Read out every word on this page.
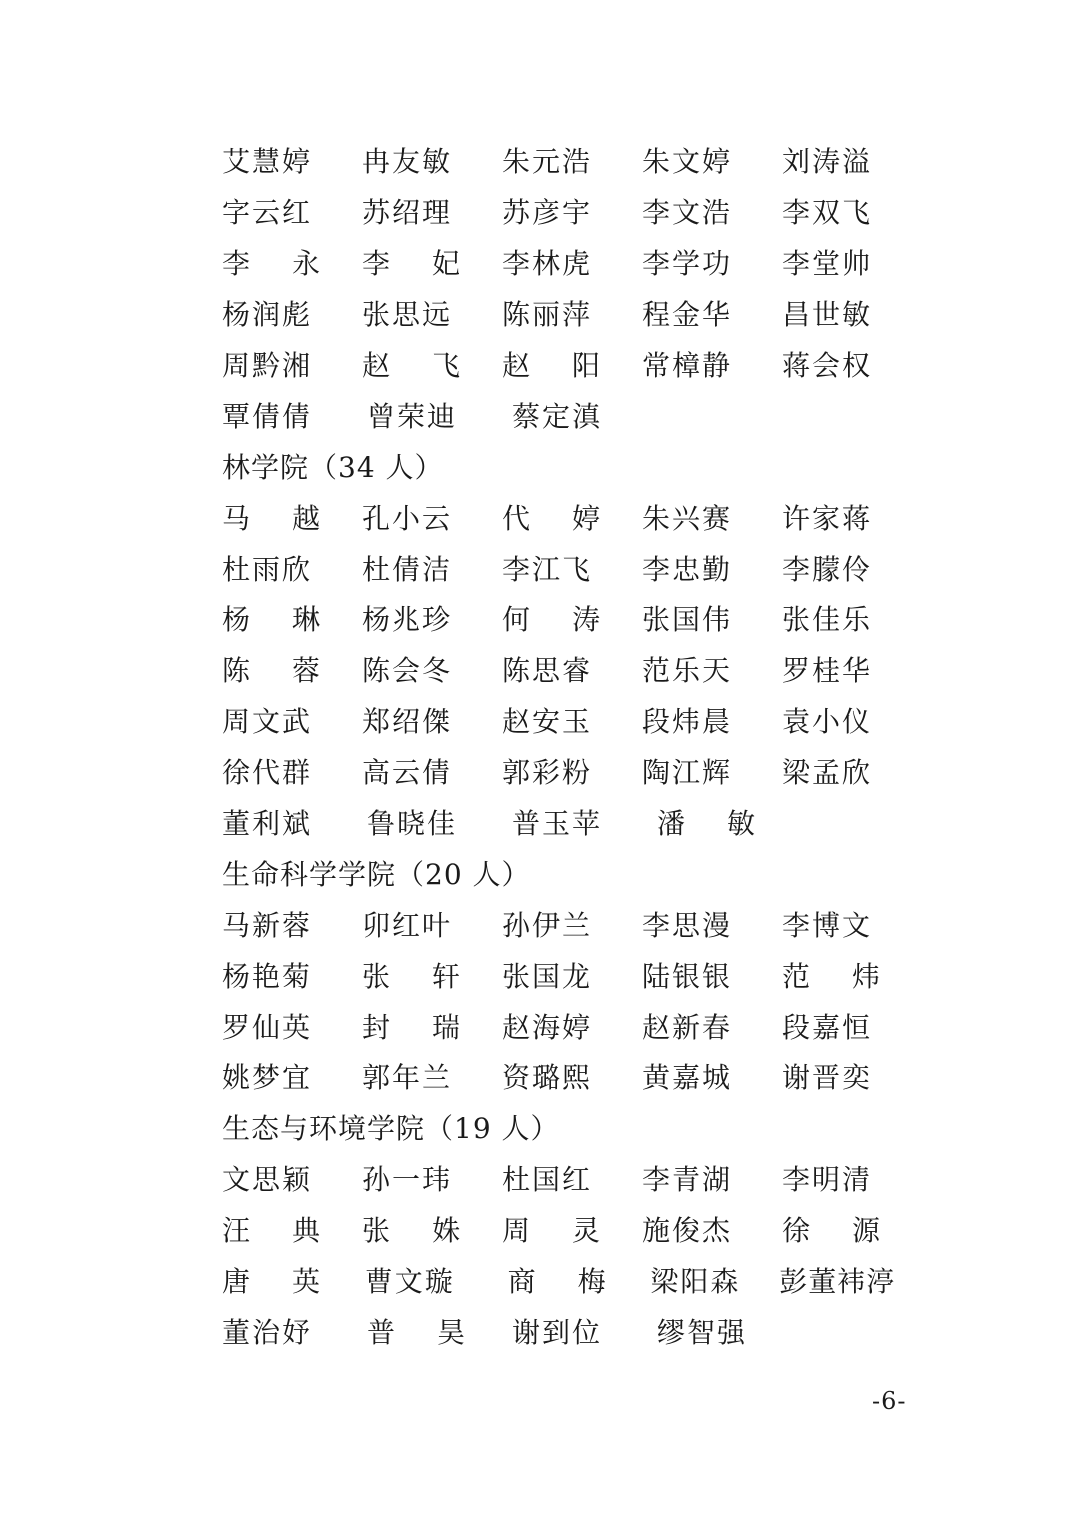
艾慧婷	冉友敏	朱元浩	朱文婷	刘涛溢
字云红	苏绍理	苏彦宇	李文浩	李双飞
李 永	李 妃	李林虎	李学功	李堂帅
杨润彪	张思远	陈丽萍	程金华	昌世敏
周黔湘	赵 飞	赵 阳	常樟静	蒋会权
覃倩倩	曾荣迪	蔡定滇
林学院（34 人）
马 越	孔小云	代 婷	朱兴赛	许家蒋
杜雨欣	杜倩洁	李江飞	李忠勤	李朦伶
杨 琳	杨兆珍	何 涛	张国伟	张佳乐
陈 蓉	陈会冬	陈思睿	范乐天	罗桂华
周文武	郑绍傑	赵安玉	段炜晨	袁小仪
徐代群	高云倩	郭彩粉	陶江辉	梁孟欣
董利斌	鲁晓佳	普玉苹	潘 敏
生命科学学院（20 人）
马新蓉	卯红叶	孙伊兰	李思漫	李博文
杨艳菊	张 轩	张国龙	陆银银	范 炜
罗仙英	封 瑞	赵海婷	赵新春	段嘉恒
姚梦宜	郭年兰	资璐熙	黄嘉城	谢晋奕
生态与环境学院（19 人）
文思颖	孙一玮	杜国红	李青湖	李明清
汪 典	张 姝	周 灵	施俊杰	徐 源
唐 英	曹文璇	商 梅	梁阳森	彭董袆渟
董治妤	普 昊	谢到位	缪智强
-6-
